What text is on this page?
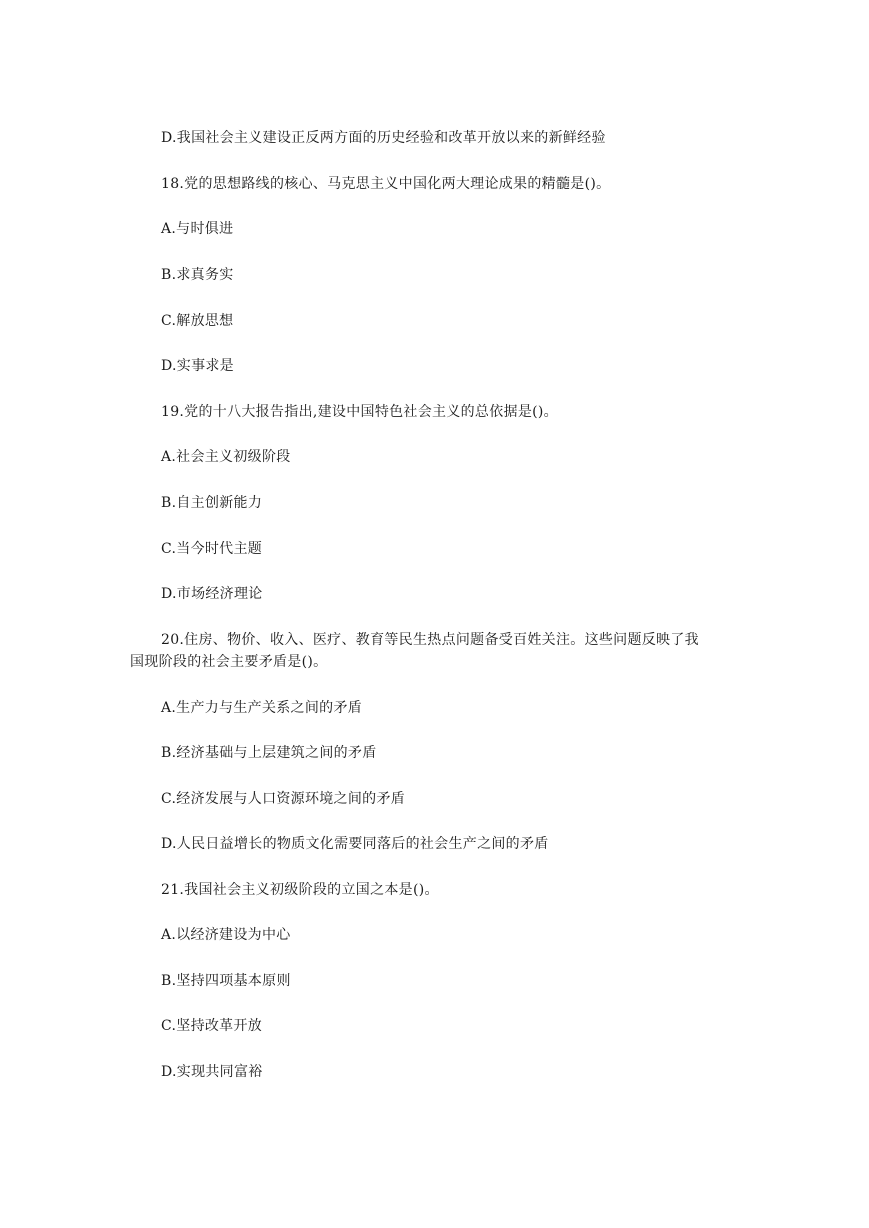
D.我国社会主义建设正反两方面的历史经验和改革开放以来的新鲜经验
18.党的思想路线的核心、马克思主义中国化两大理论成果的精髓是()。
A.与时俱进
B.求真务实
C.解放思想
D.实事求是
19.党的十八大报告指出,建设中国特色社会主义的总依据是()。
A.社会主义初级阶段
B.自主创新能力
C.当今时代主题
D.市场经济理论
20.住房、物价、收入、医疗、教育等民生热点问题备受百姓关注。这些问题反映了我
国现阶段的社会主要矛盾是()。
A.生产力与生产关系之间的矛盾
B.经济基础与上层建筑之间的矛盾
C.经济发展与人口资源环境之间的矛盾
D.人民日益增长的物质文化需要同落后的社会生产之间的矛盾
21.我国社会主义初级阶段的立国之本是()。
A.以经济建设为中心
B.坚持四项基本原则
C.坚持改革开放
D.实现共同富裕
